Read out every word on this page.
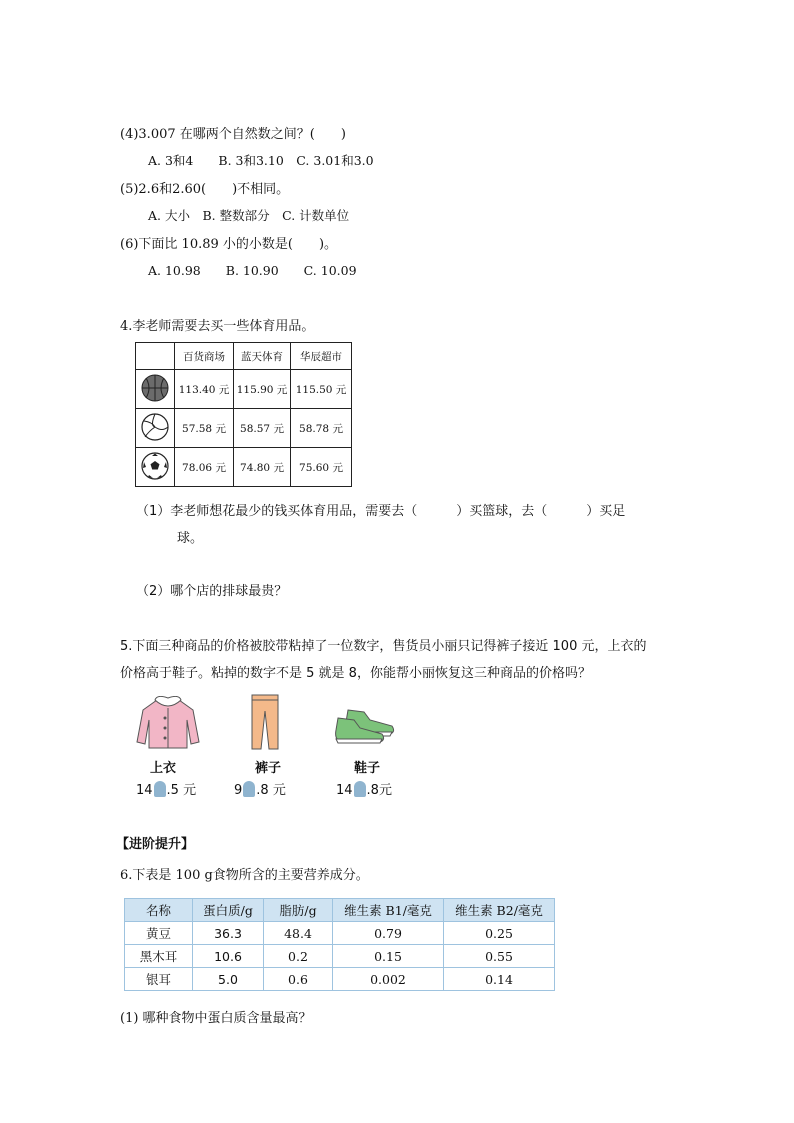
(4)3.007 在哪两个自然数之间？(　　)
A. 3和4　　B. 3和3.10　C. 3.01和3.0
(5)2.6和2.60(　　)不相同。
A. 大小　B. 整数部分　C. 计数单位
(6)下面比 10.89 小的小数是(　　)。
A. 10.98　　B. 10.90　　C. 10.09
4.李老师需要去买一些体育用品。
	百货商场	蓝天体育	华辰超市
	113.40 元	115.90 元	115.50 元
	57.58 元	58.57 元	58.78 元
	78.06 元	74.80 元	75.60 元
（1）李老师想花最少的钱买体育用品，需要去（　　　）买篮球，去（　　　）买足
球。
（2）哪个店的排球最贵？
5.下面三种商品的价格被胶带粘掉了一位数字，售货员小丽只记得裤子接近 100 元，上衣的
价格高于鞋子。粘掉的数字不是 5 就是 8，你能帮小丽恢复这三种商品的价格吗？
上衣	裤子	鞋子
14 .5 元	9 .8 元	14 .8元
【进阶提升】
6.下表是 100 g食物所含的主要营养成分。
名称	蛋白质/g	脂肪/g	维生素 B1/毫克	维生素 B2/毫克
黄豆	36.3	48.4	0.79	0.25
黑木耳	10.6	0.2	0.15	0.55
银耳	5.0	0.6	0.002	0.14
(1) 哪种食物中蛋白质含量最高？
